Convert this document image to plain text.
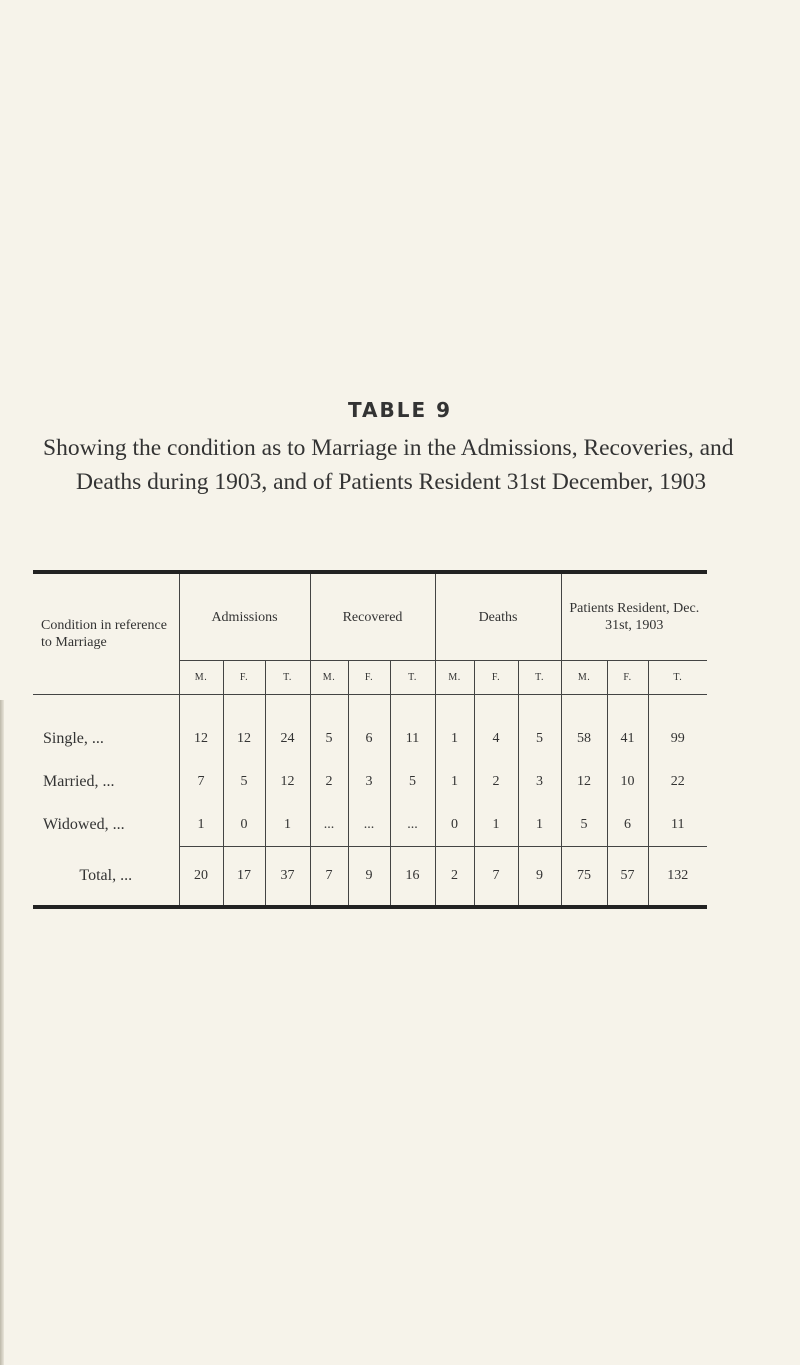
TABLE 9
Showing the condition as to Marriage in the Admissions, Recoveries, and Deaths during 1903, and of Patients Resident 31st December, 1903
Condition in reference to Marriage	Admissions			Recovered			Deaths			Patients Resident, Dec. 31st, 1903		
	M.	F.	T.	M.	F.	T.	M.	F.	T.	M.	F.	T.
Single, ...	12	12	24	5	6	11	1	4	5	58	41	99
Married, ...	7	5	12	2	3	5	1	2	3	12	10	22
Widowed, ...	1	0	1	...	...	...	0	1	1	5	6	11
Total, ...	20	17	37	7	9	16	2	7	9	75	57	132
